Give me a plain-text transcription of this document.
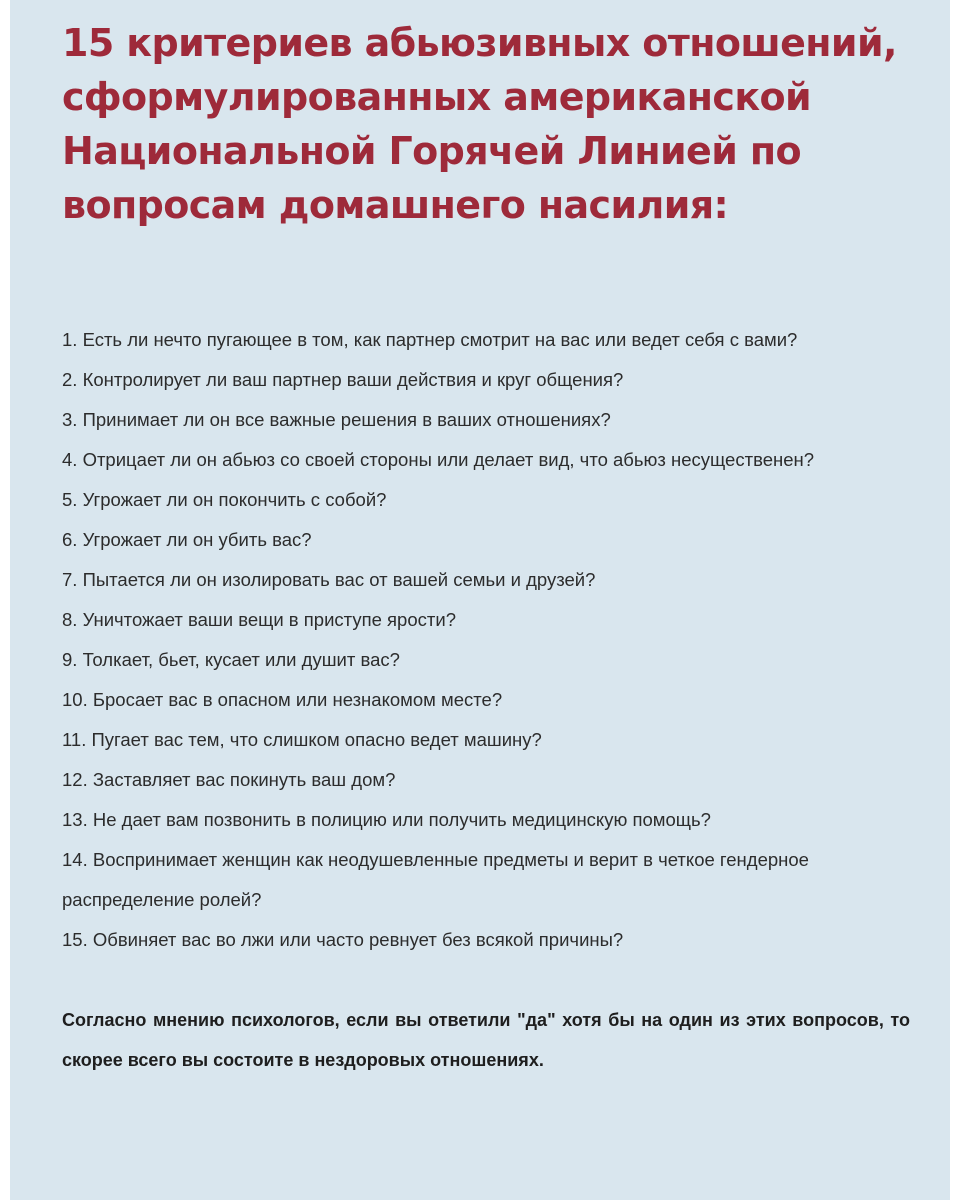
15 критериев абьюзивных отношений, сформулированных американской Национальной Горячей Линией по вопросам домашнего насилия:
1. Есть ли нечто пугающее в том, как партнер смотрит на вас или ведет себя с вами?
2. Контролирует ли ваш партнер ваши действия и круг общения?
3. Принимает ли он все важные решения в ваших отношениях?
4. Отрицает ли он абьюз со своей стороны или делает вид, что абьюз несущественен?
5. Угрожает ли он покончить с собой?
6. Угрожает ли он убить вас?
7. Пытается ли он изолировать вас от вашей семьи и друзей?
8. Уничтожает ваши вещи в приступе ярости?
9. Толкает, бьет, кусает или душит вас?
10. Бросает вас в опасном или незнакомом месте?
11. Пугает вас тем, что слишком опасно ведет машину?
12. Заставляет вас покинуть ваш дом?
13. Не дает вам позвонить в полицию или получить медицинскую помощь?
14. Воспринимает женщин как неодушевленные предметы и верит в четкое гендерное распределение ролей?
15. Обвиняет вас во лжи или часто ревнует без всякой причины?

Согласно мнению психологов, если вы ответили "да" хотя бы на один из этих вопросов, то скорее всего вы состоите в нездоровых отношениях.
